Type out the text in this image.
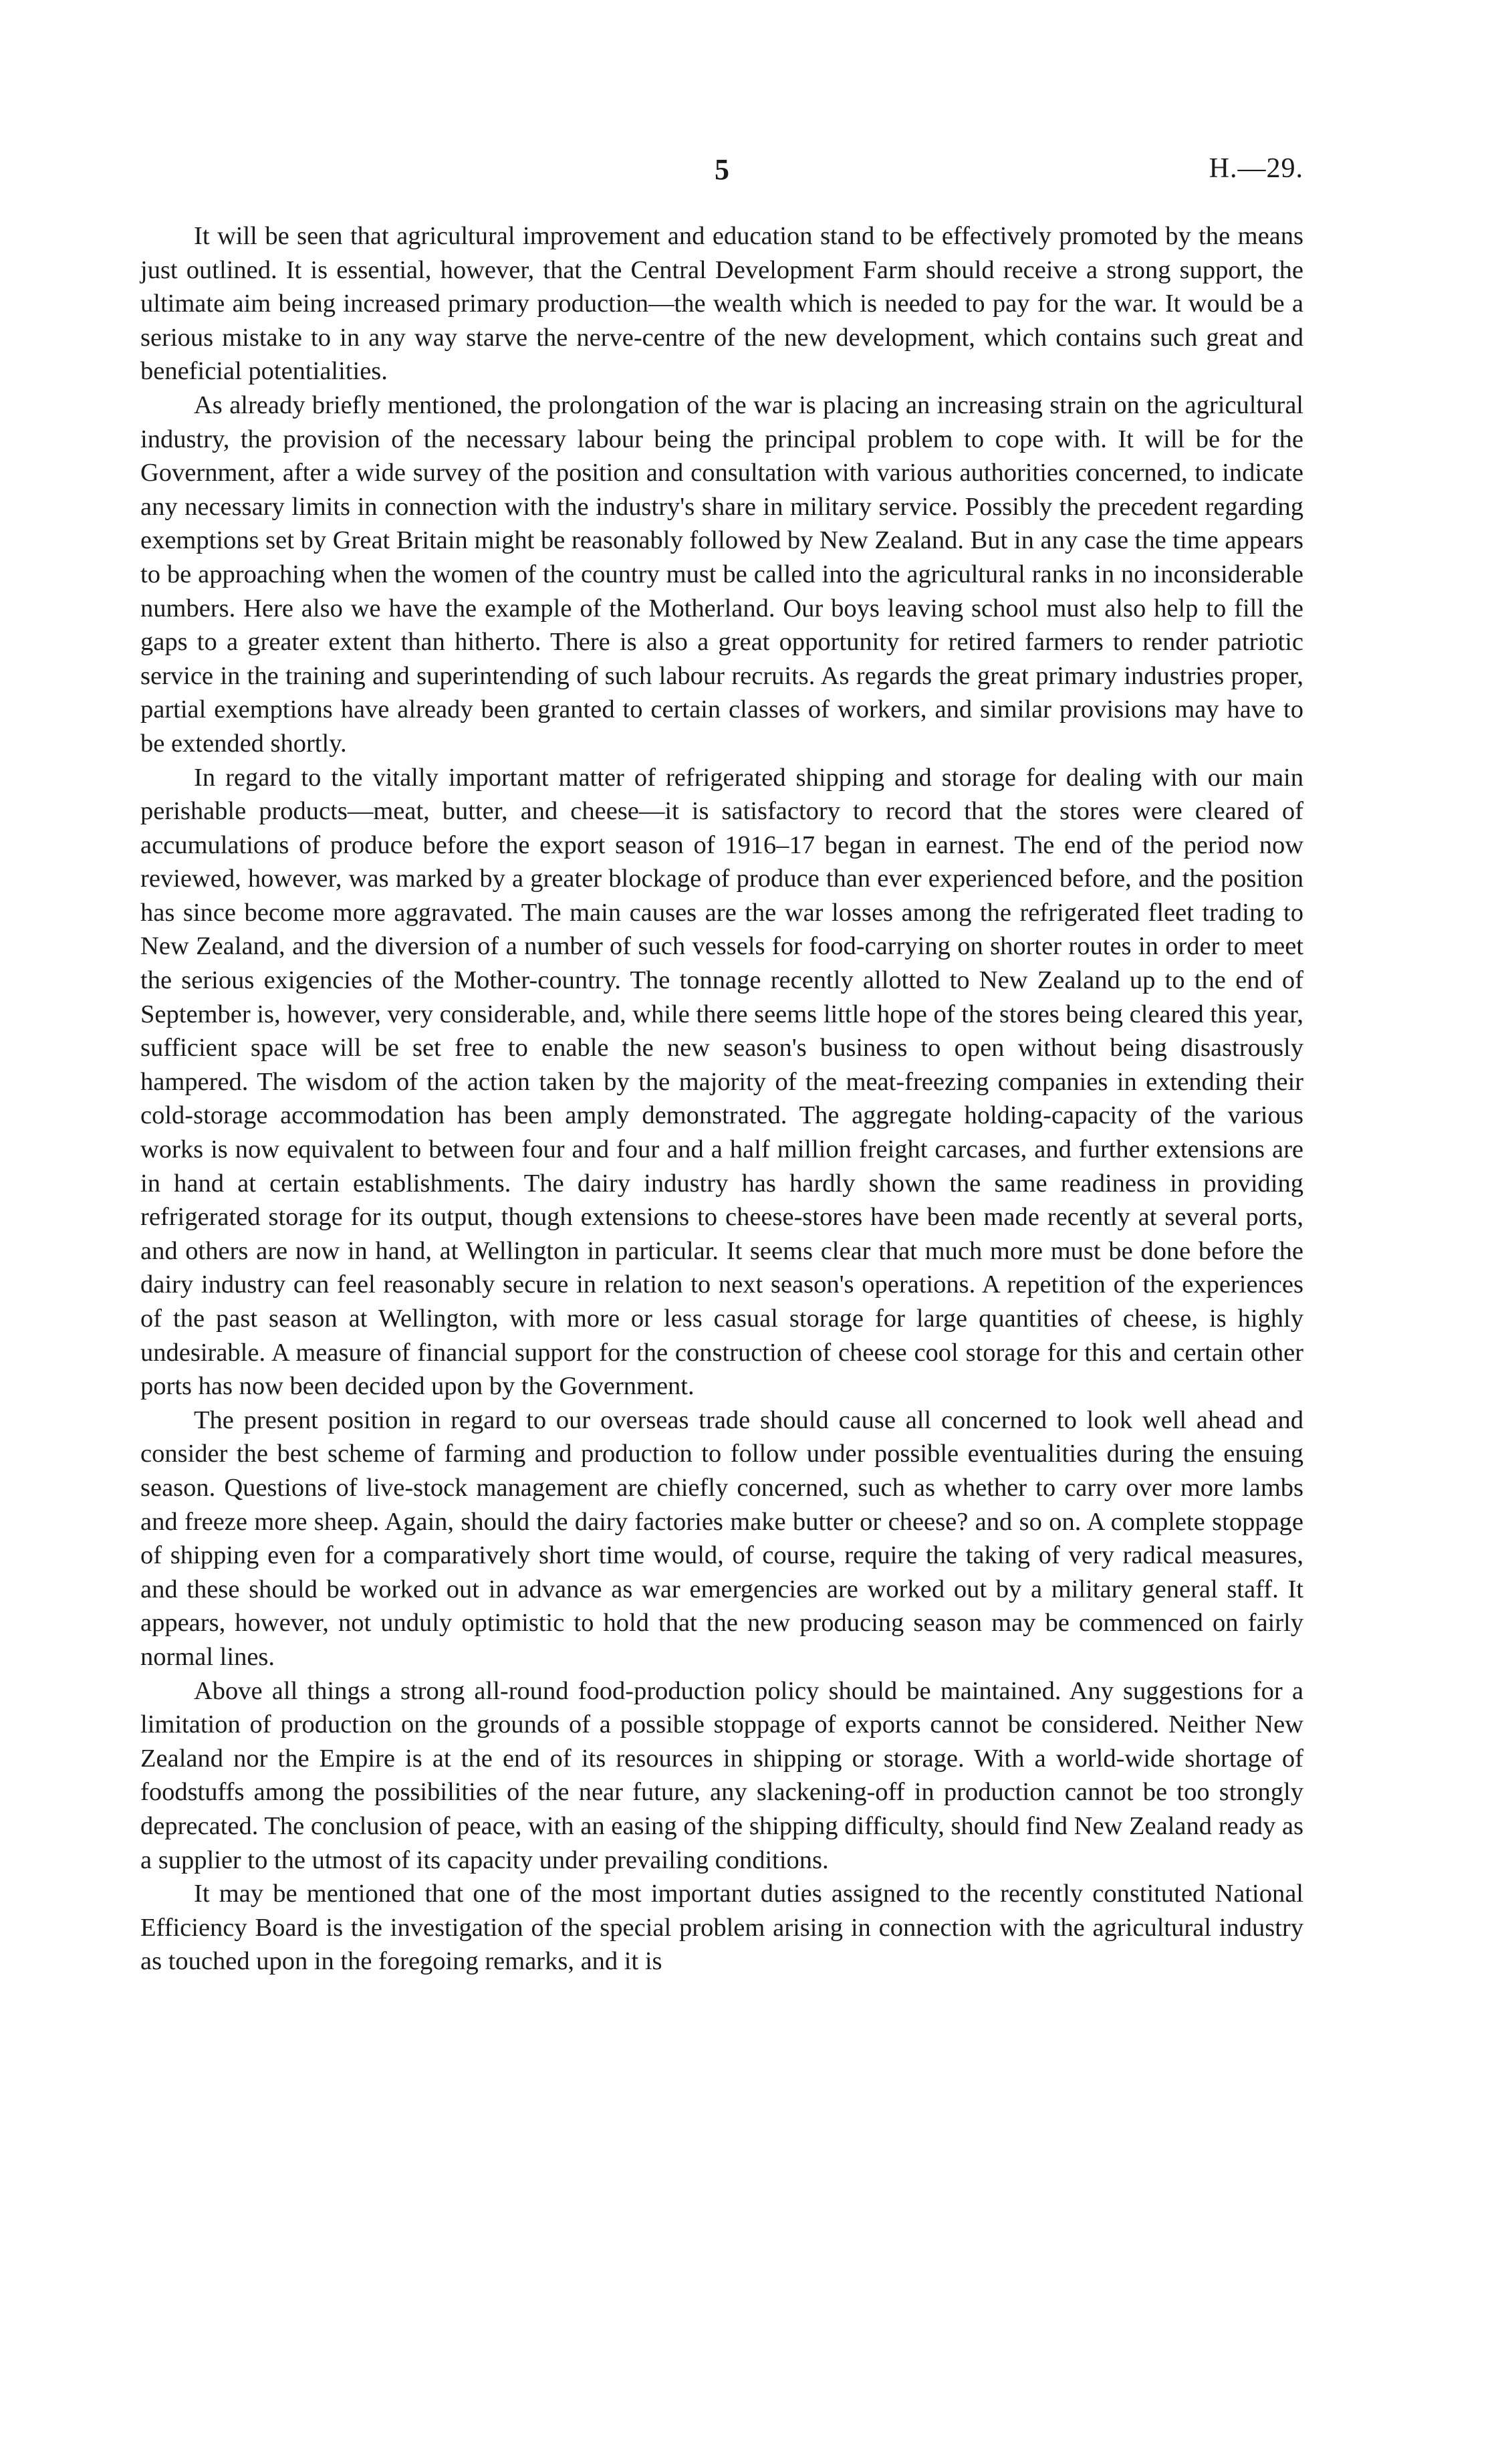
5	H.—29.

It will be seen that agricultural improvement and education stand to be effectively promoted by the means just outlined. It is essential, however, that the Central Development Farm should receive a strong support, the ultimate aim being increased primary production—the wealth which is needed to pay for the war. It would be a serious mistake to in any way starve the nerve-centre of the new development, which contains such great and beneficial potentialities.

As already briefly mentioned, the prolongation of the war is placing an increasing strain on the agricultural industry, the provision of the necessary labour being the principal problem to cope with. It will be for the Government, after a wide survey of the position and consultation with various authorities concerned, to indicate any necessary limits in connection with the industry's share in military service. Possibly the precedent regarding exemptions set by Great Britain might be reasonably followed by New Zealand. But in any case the time appears to be approaching when the women of the country must be called into the agricultural ranks in no inconsiderable numbers. Here also we have the example of the Motherland. Our boys leaving school must also help to fill the gaps to a greater extent than hitherto. There is also a great opportunity for retired farmers to render patriotic service in the training and superintending of such labour recruits. As regards the great primary industries proper, partial exemptions have already been granted to certain classes of workers, and similar provisions may have to be extended shortly.

In regard to the vitally important matter of refrigerated shipping and storage for dealing with our main perishable products—meat, butter, and cheese—it is satisfactory to record that the stores were cleared of accumulations of produce before the export season of 1916–17 began in earnest. The end of the period now reviewed, however, was marked by a greater blockage of produce than ever experienced before, and the position has since become more aggravated. The main causes are the war losses among the refrigerated fleet trading to New Zealand, and the diversion of a number of such vessels for food-carrying on shorter routes in order to meet the serious exigencies of the Mother-country. The tonnage recently allotted to New Zealand up to the end of September is, however, very considerable, and, while there seems little hope of the stores being cleared this year, sufficient space will be set free to enable the new season's business to open without being disastrously hampered. The wisdom of the action taken by the majority of the meat-freezing companies in extending their cold-storage accommodation has been amply demonstrated. The aggregate holding-capacity of the various works is now equivalent to between four and four and a half million freight carcases, and further extensions are in hand at certain establishments. The dairy industry has hardly shown the same readiness in providing refrigerated storage for its output, though extensions to cheese-stores have been made recently at several ports, and others are now in hand, at Wellington in particular. It seems clear that much more must be done before the dairy industry can feel reasonably secure in relation to next season's operations. A repetition of the experiences of the past season at Wellington, with more or less casual storage for large quantities of cheese, is highly undesirable. A measure of financial support for the construction of cheese cool storage for this and certain other ports has now been decided upon by the Government.

The present position in regard to our overseas trade should cause all concerned to look well ahead and consider the best scheme of farming and production to follow under possible eventualities during the ensuing season. Questions of live-stock management are chiefly concerned, such as whether to carry over more lambs and freeze more sheep. Again, should the dairy factories make butter or cheese? and so on. A complete stoppage of shipping even for a comparatively short time would, of course, require the taking of very radical measures, and these should be worked out in advance as war emergencies are worked out by a military general staff. It appears, however, not unduly optimistic to hold that the new producing season may be commenced on fairly normal lines.

Above all things a strong all-round food-production policy should be maintained. Any suggestions for a limitation of production on the grounds of a possible stoppage of exports cannot be considered. Neither New Zealand nor the Empire is at the end of its resources in shipping or storage. With a world-wide shortage of foodstuffs among the possibilities of the near future, any slackening-off in production cannot be too strongly deprecated. The conclusion of peace, with an easing of the shipping difficulty, should find New Zealand ready as a supplier to the utmost of its capacity under prevailing conditions.

It may be mentioned that one of the most important duties assigned to the recently constituted National Efficiency Board is the investigation of the special problem arising in connection with the agricultural industry as touched upon in the foregoing remarks, and it is
